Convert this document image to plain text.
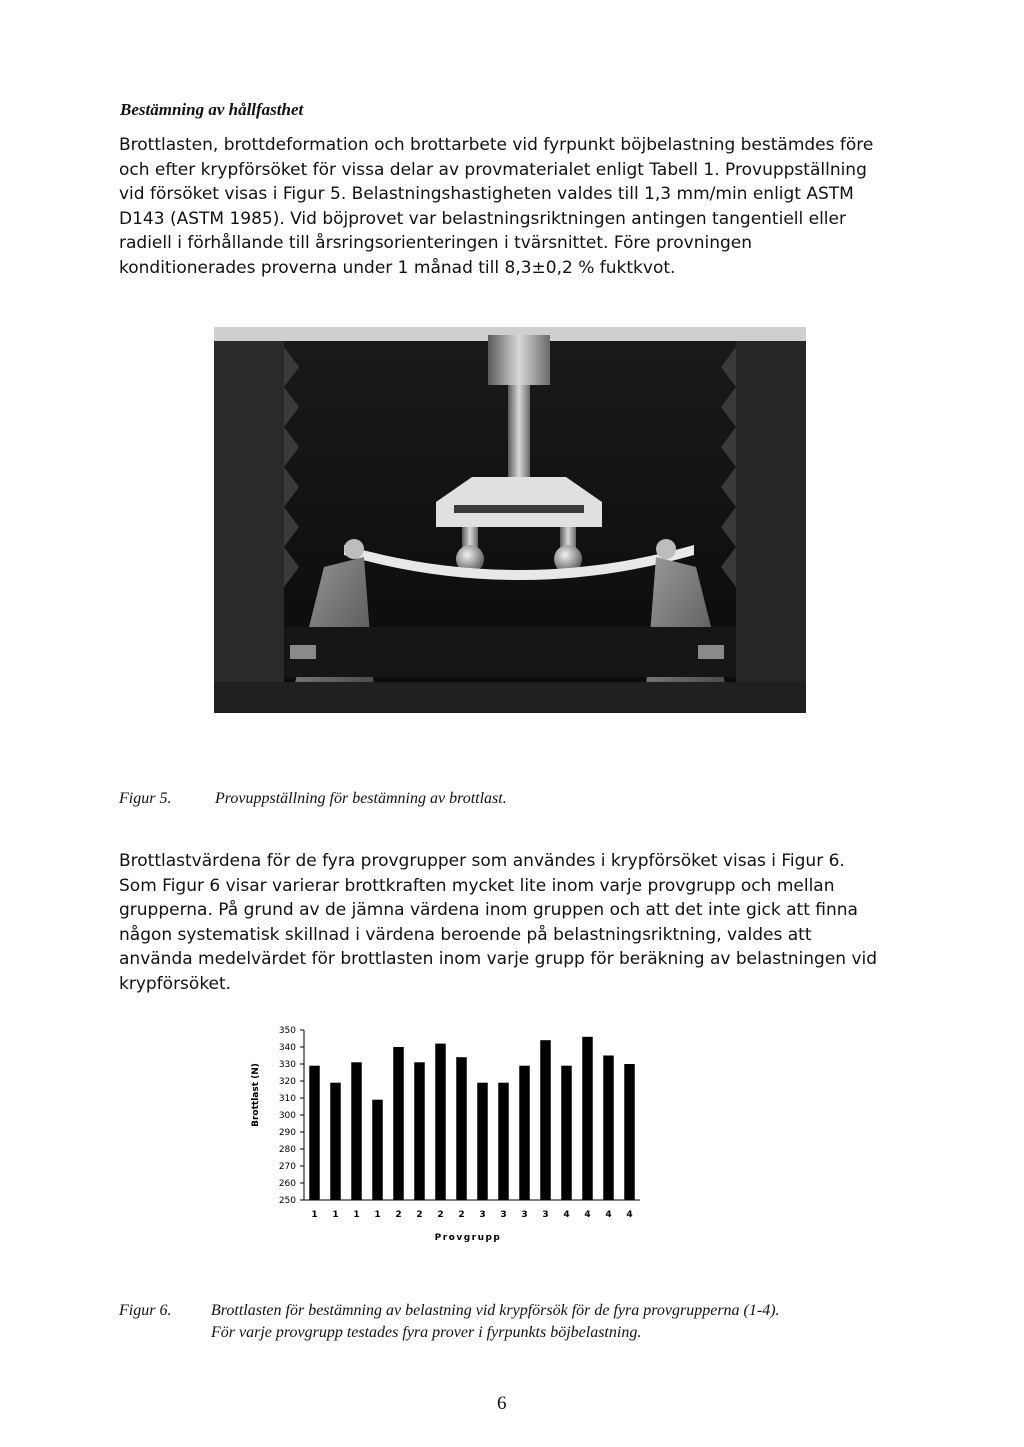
Bestämning av hållfasthet

Brottlasten, brottdeformation och brottarbete vid fyrpunkt böjbelastning bestämdes före och efter krypförsöket för vissa delar av provmaterialet enligt Tabell 1. Provuppställning vid försöket visas i Figur 5. Belastningshastigheten valdes till 1,3 mm/min enligt ASTM D143 (ASTM 1985). Vid böjprovet var belastningsriktningen antingen tangentiell eller radiell i förhållande till årsringsorienteringen i tvärsnittet. Före provningen konditionerades proverna under 1 månad till 8,3±0,2 % fuktkvot.

Figur 5.	Provuppställning för bestämning av brottlast.

Brottlastvärdena för de fyra provgrupper som användes i krypförsöket visas i Figur 6. Som Figur 6 visar varierar brottkraften mycket lite inom varje provgrupp och mellan grupperna. På grund av de jämna värdena inom gruppen och att det inte gick att finna någon systematisk skillnad i värdena beroende på belastningsriktning, valdes att använda medelvärdet för brottlasten inom varje grupp för beräkning av belastningen vid krypförsöket.

250
260
270
280
290
300
310
320
330
340
350
1 1 1 1 2 2 2 2 3 3 3 3 4 4 4 4
Brottlast (N)
Provgrupp
Figur 6. Brottlasten för bestämning av belastning vid krypförsök för de fyra provgrupperna (1-4).
För varje provgrupp testades fyra prover i fyrpunkts böjbelastning.
6
